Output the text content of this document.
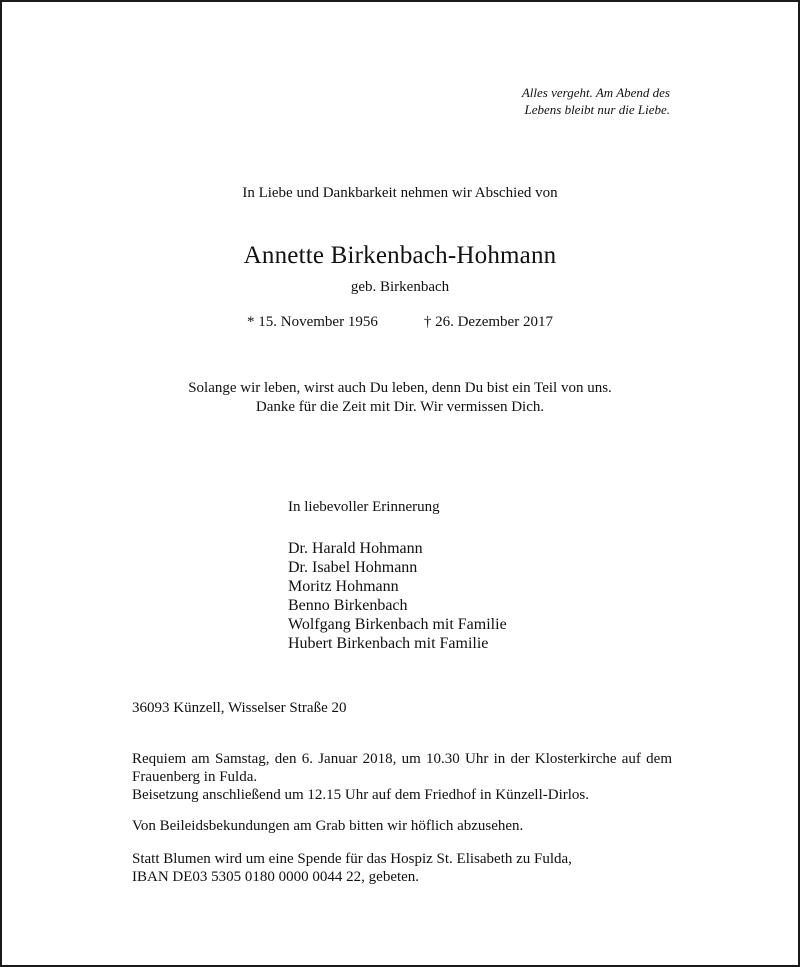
Alles vergeht. Am Abend des
Lebens bleibt nur die Liebe.

In Liebe und Dankbarkeit nehmen wir Abschied von

Annette Birkenbach-Hohmann

geb. Birkenbach

* 15. November 1956	† 26. Dezember 2017

Solange wir leben, wirst auch Du leben, denn Du bist ein Teil von uns.
Danke für die Zeit mit Dir. Wir vermissen Dich.

In liebevoller Erinnerung

Dr. Harald Hohmann
Dr. Isabel Hohmann
Moritz Hohmann
Benno Birkenbach
Wolfgang Birkenbach mit Familie
Hubert Birkenbach mit Familie

36093 Künzell, Wisselser Straße 20

Requiem am Samstag, den 6. Januar 2018, um 10.30 Uhr in der Klosterkirche auf dem
Frauenberg in Fulda.
Beisetzung anschließend um 12.15 Uhr auf dem Friedhof in Künzell-Dirlos.
Von Beileidsbekundungen am Grab bitten wir höflich abzusehen.
Statt Blumen wird um eine Spende für das Hospiz St. Elisabeth zu Fulda,
IBAN DE03 5305 0180 0000 0044 22, gebeten.
